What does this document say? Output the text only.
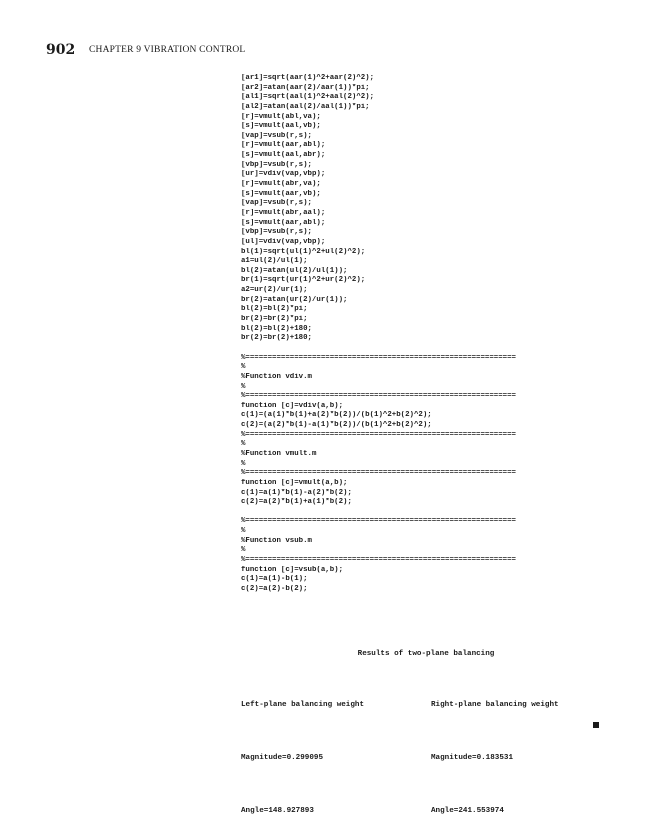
902 CHAPTER 9 VIBRATION CONTROL
[ar1]=sqrt(aar(1)^2+aar(2)^2);
[ar2]=atan(aar(2)/aar(1))*pi;
[al1]=sqrt(aal(1)^2+aal(2)^2);
[al2]=atan(aal(2)/aal(1))*pi;
[r]=vmult(abl,va);
[s]=vmult(aal,vb);
[vap]=vsub(r,s);
[r]=vmult(aar,abl);
[s]=vmult(aal,abr);
[vbp]=vsub(r,s);
[ur]=vdiv(vap,vbp);
[r]=vmult(abr,va);
[s]=vmult(aar,vb);
[vap]=vsub(r,s);
[r]=vmult(abr,aal);
[s]=vmult(aar,abl);
[vbp]=vsub(r,s);
[ul]=vdiv(vap,vbp);
bl(1)=sqrt(ul(1)^2+ul(2)^2);
a1=ul(2)/ul(1);
bl(2)=atan(ul(2)/ul(1));
br(1)=sqrt(ur(1)^2+ur(2)^2);
a2=ur(2)/ur(1);
br(2)=atan(ur(2)/ur(1));
bl(2)=bl(2)*pi;
br(2)=br(2)*pi;
bl(2)=bl(2)+180;
br(2)=br(2)+180;
%=============================================================
%
%Function vdiv.m
%
%=============================================================
function [c]=vdiv(a,b);
c(1)=(a(1)*b(1)+a(2)*b(2))/(b(1)^2+b(2)^2);
c(2)=(a(2)*b(1)-a(1)*b(2))/(b(1)^2+b(2)^2);
%=============================================================
%
%Function vmult.m
%
%=============================================================
function [c]=vmult(a,b);
c(1)=a(1)*b(1)-a(2)*b(2);
c(2)=a(2)*b(1)+a(1)*b(2);
%=============================================================
%
%Function vsub.m
%
%=============================================================
function [c]=vsub(a,b);
c(1)=a(1)-b(1);
c(2)=a(2)-b(2);

Results of two-plane balancing

Left-plane balancing weight	Right-plane balancing weight

Magnitude=0.299095	Magnitude=0.183531

Angle=148.927893	Angle=241.553974
